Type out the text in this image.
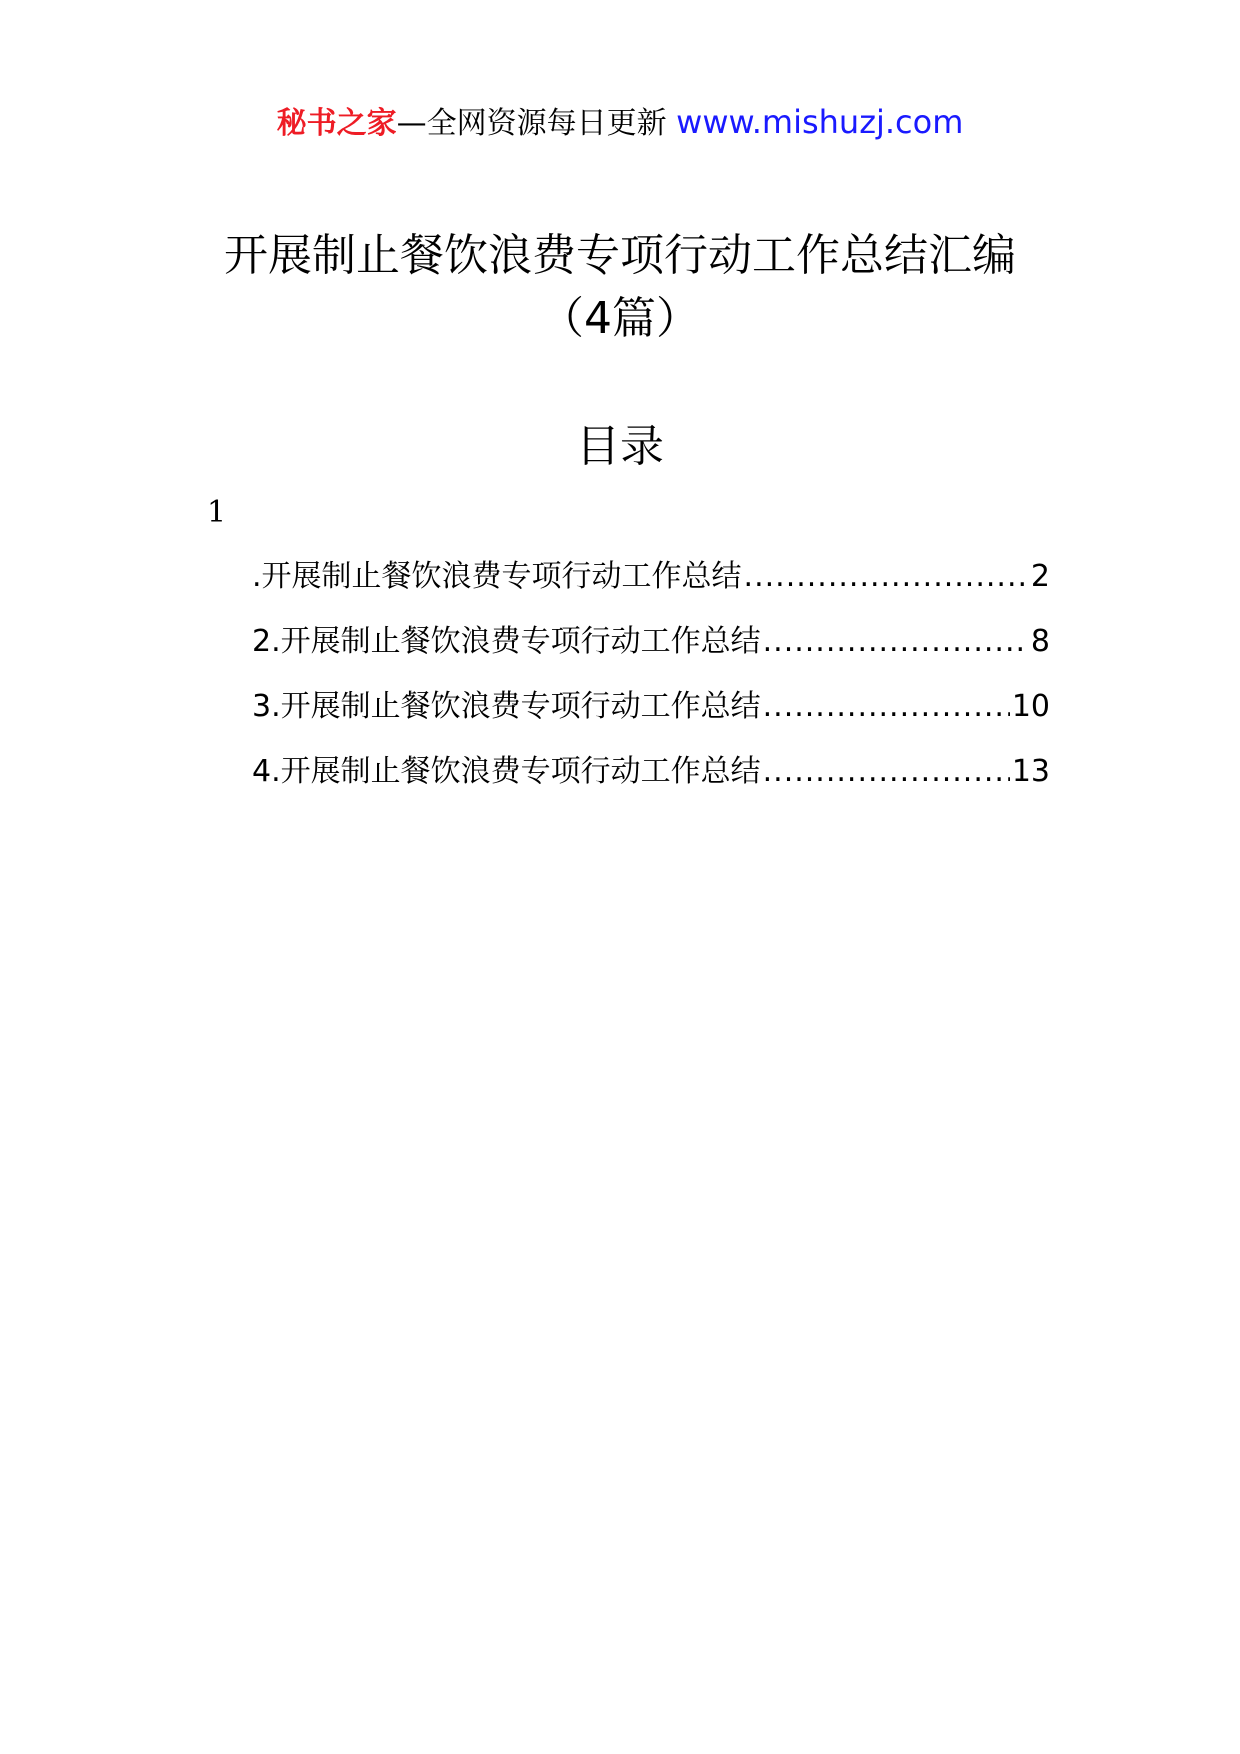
秘书之家—全网资源每日更新 www.mishuzj.com
开展制止餐饮浪费专项行动工作总结汇编
（4篇）
目录
1
.开展制止餐饮浪费专项行动工作总结 .....	2
2.开展制止餐饮浪费专项行动工作总结 .....	8
3.开展制止餐饮浪费专项行动工作总结 .....	10
4.开展制止餐饮浪费专项行动工作总结 .....	13
